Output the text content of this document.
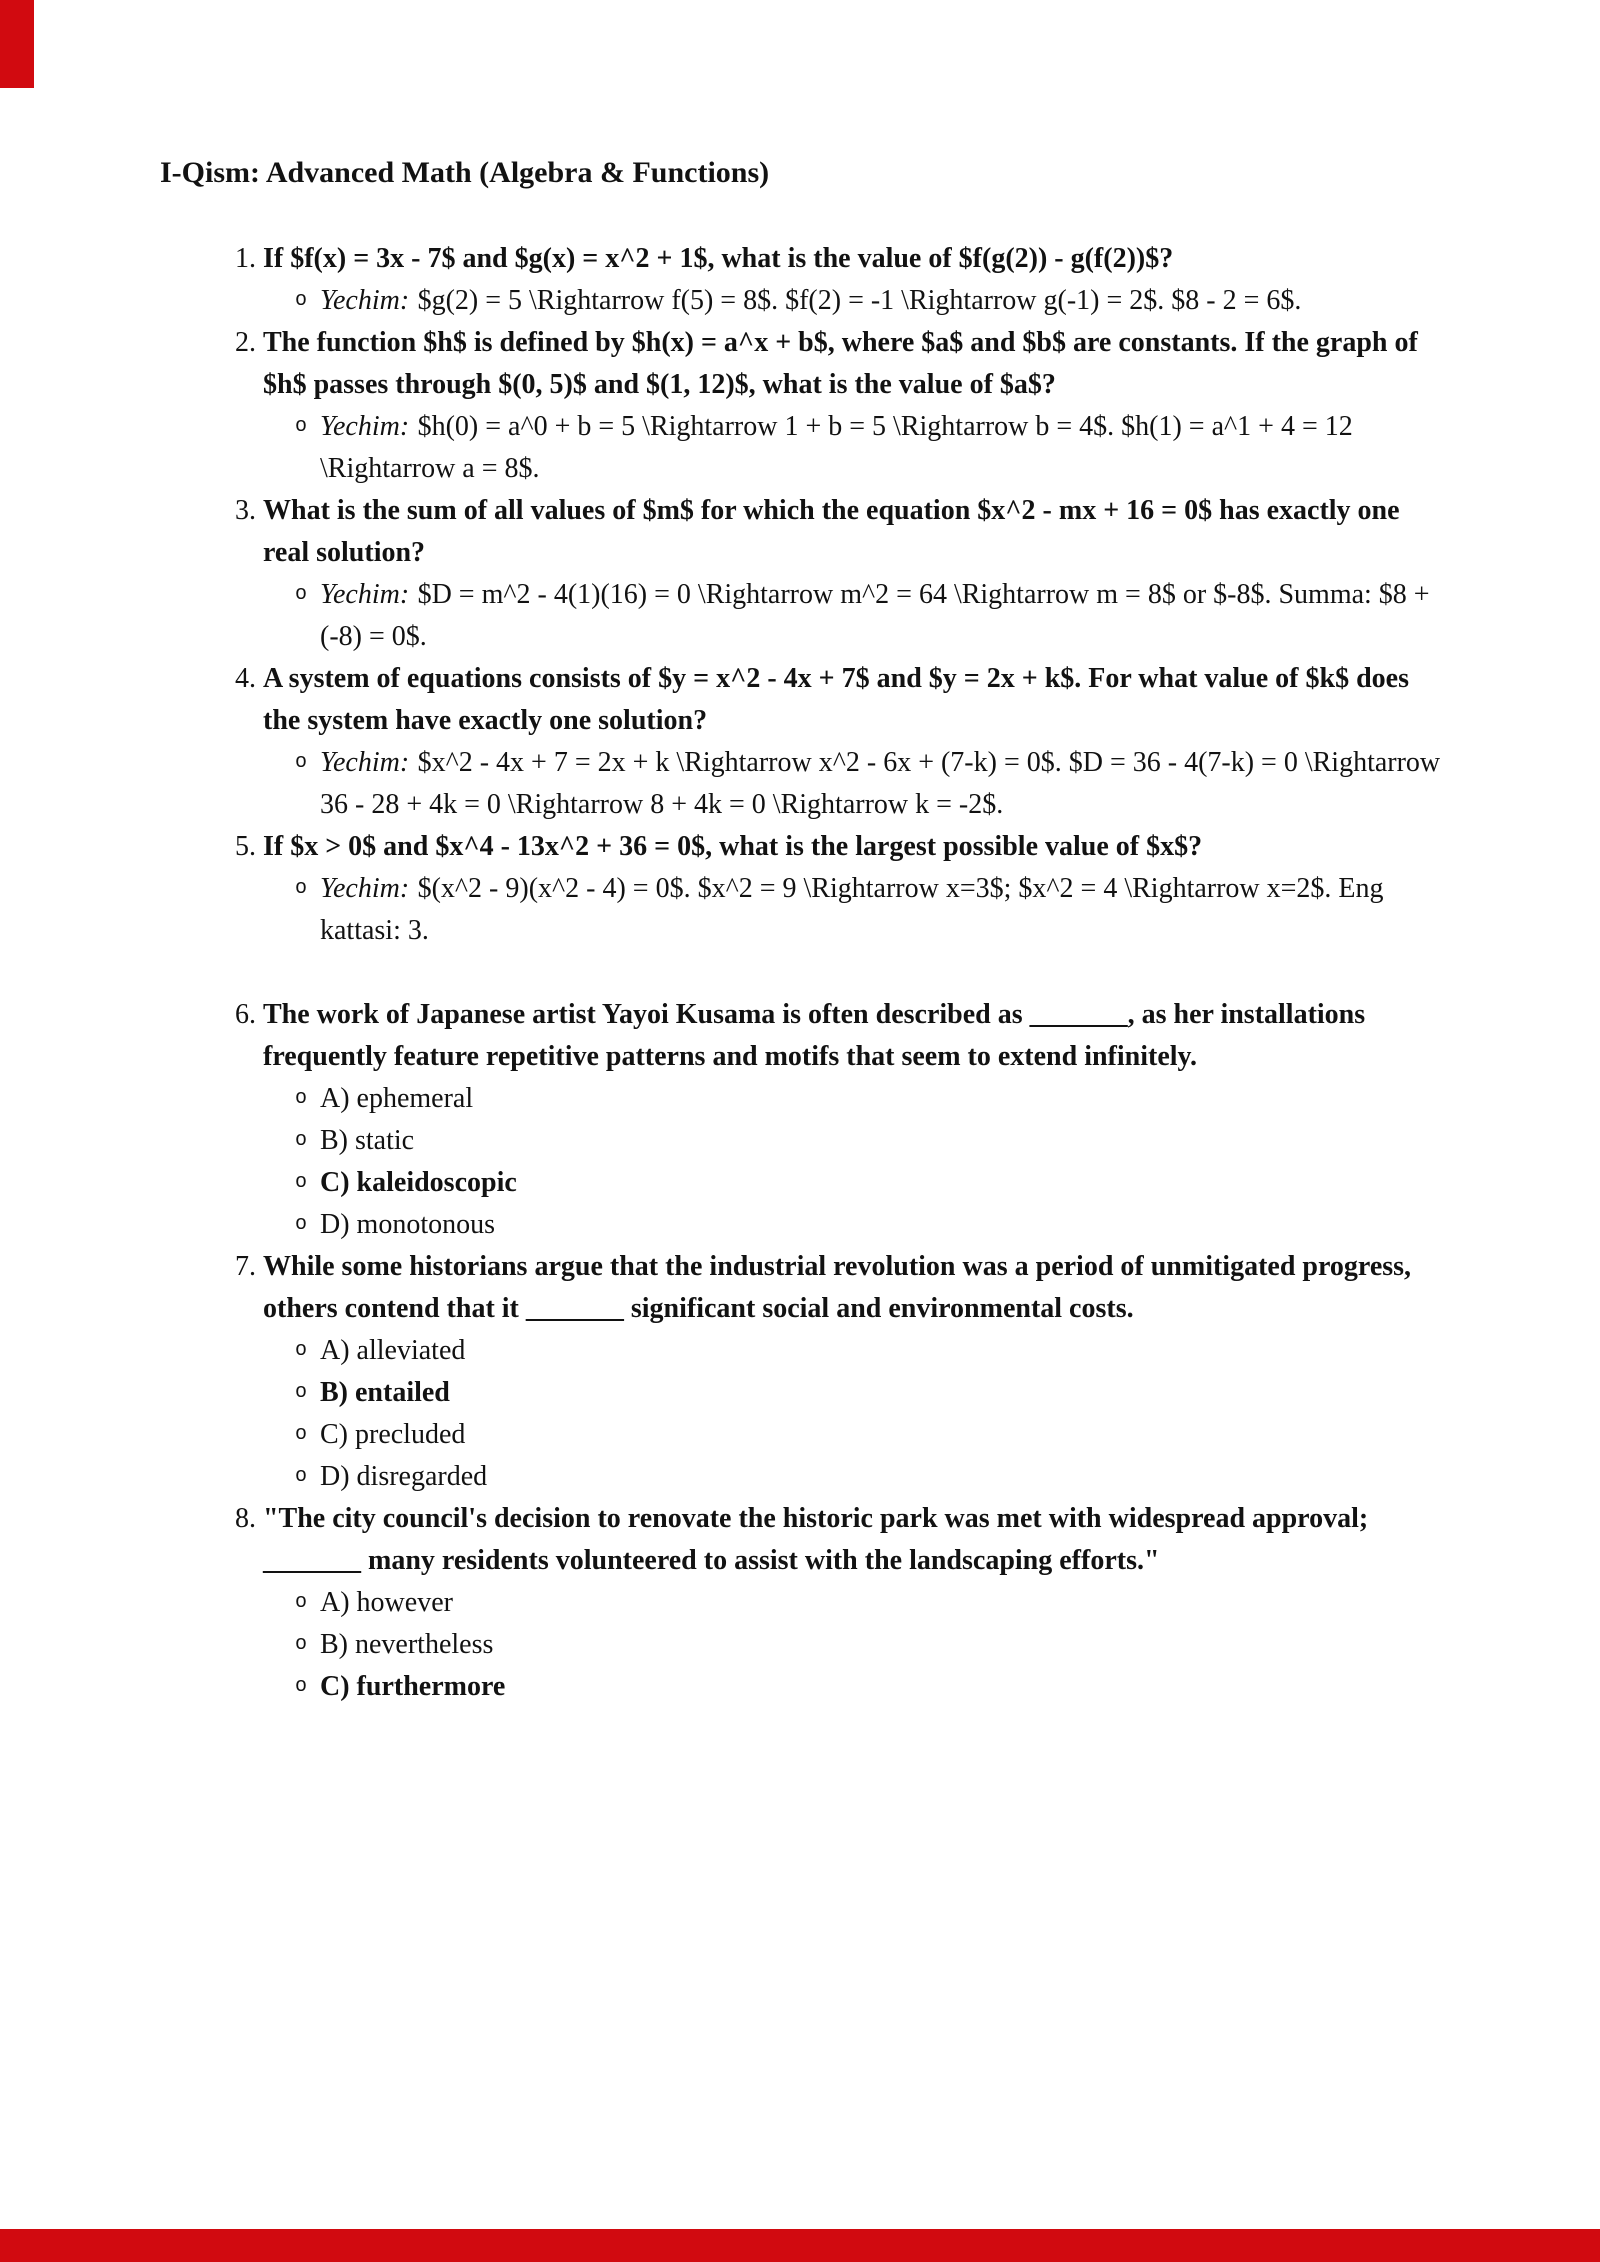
I-Qism: Advanced Math (Algebra & Functions)
1. If $f(x) = 3x - 7$ and $g(x) = x^2 + 1$, what is the value of $f(g(2)) - g(f(2))$?
o Yechim: $g(2) = 5 \Rightarrow f(5) = 8$. $f(2) = -1 \Rightarrow g(-1) = 2$. $8 - 2 = 6$.
2. The function $h$ is defined by $h(x) = a^x + b$, where $a$ and $b$ are constants. If the graph of $h$ passes through $(0, 5)$ and $(1, 12)$, what is the value of $a$?
o Yechim: $h(0) = a^0 + b = 5 \Rightarrow 1 + b = 5 \Rightarrow b = 4$. $h(1) = a^1 + 4 = 12 \Rightarrow a = 8$.
3. What is the sum of all values of $m$ for which the equation $x^2 - mx + 16 = 0$ has exactly one real solution?
o Yechim: $D = m^2 - 4(1)(16) = 0 \Rightarrow m^2 = 64 \Rightarrow m = 8$ or $-8$. Summa: $8 + (-8) = 0$.
4. A system of equations consists of $y = x^2 - 4x + 7$ and $y = 2x + k$. For what value of $k$ does the system have exactly one solution?
o Yechim: $x^2 - 4x + 7 = 2x + k \Rightarrow x^2 - 6x + (7-k) = 0$. $D = 36 - 4(7-k) = 0 \Rightarrow 36 - 28 + 4k = 0 \Rightarrow 8 + 4k = 0 \Rightarrow k = -2$.
5. If $x > 0$ and $x^4 - 13x^2 + 36 = 0$, what is the largest possible value of $x$?
o Yechim: $(x^2 - 9)(x^2 - 4) = 0$. $x^2 = 9 \Rightarrow x=3$; $x^2 = 4 \Rightarrow x=2$. Eng kattasi: 3.
6. The work of Japanese artist Yayoi Kusama is often described as _______, as her installations frequently feature repetitive patterns and motifs that seem to extend infinitely.
o A) ephemeral
o B) static
o C) kaleidoscopic
o D) monotonous
7. While some historians argue that the industrial revolution was a period of unmitigated progress, others contend that it _______ significant social and environmental costs.
o A) alleviated
o B) entailed
o C) precluded
o D) disregarded
8. "The city council's decision to renovate the historic park was met with widespread approval; _______ many residents volunteered to assist with the landscaping efforts."
o A) however
o B) nevertheless
o C) furthermore
